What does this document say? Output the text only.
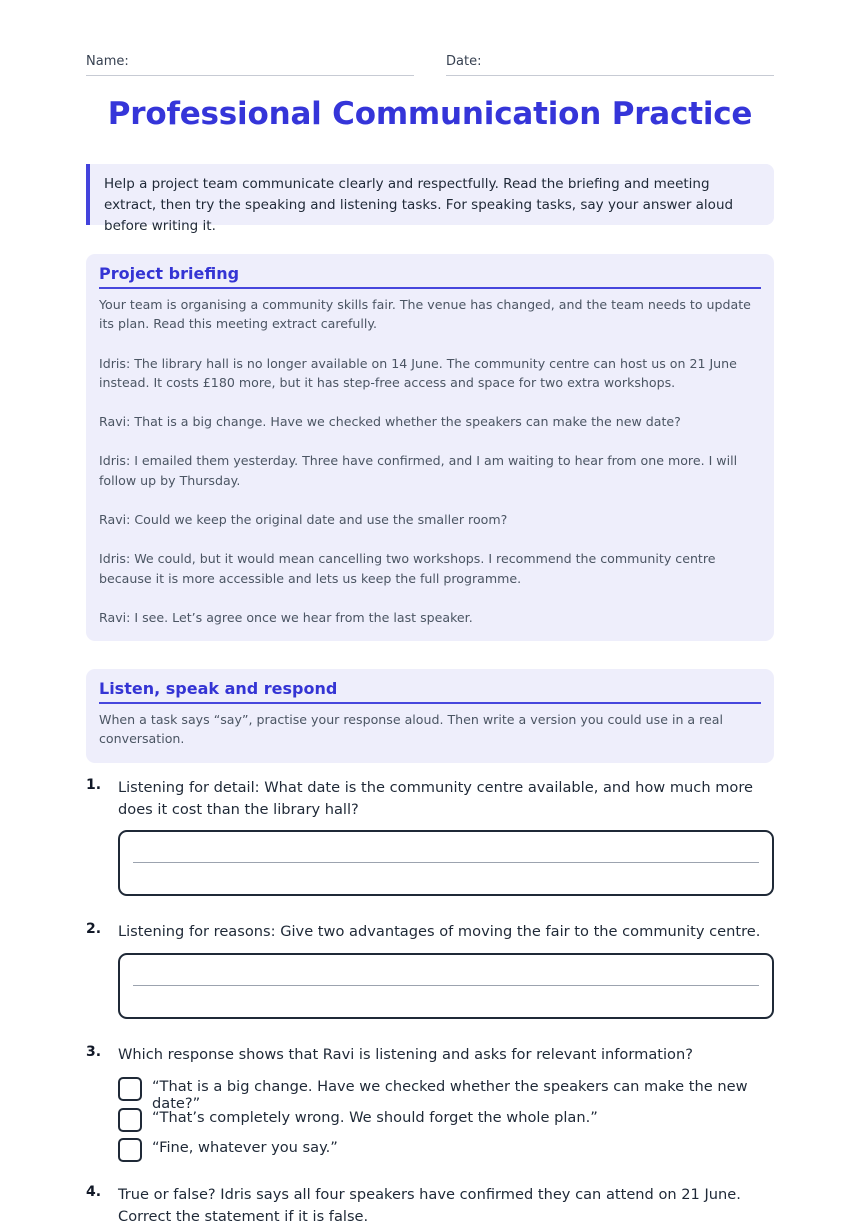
Name:	Date:
Professional Communication Practice
Help a project team communicate clearly and respectfully. Read the briefing and meeting extract, then try the speaking and listening tasks. For speaking tasks, say your answer aloud before writing it.
Project briefing

Your team is organising a community skills fair. The venue has changed, and the team needs to update its plan. Read this meeting extract carefully.

Idris: The library hall is no longer available on 14 June. The community centre can host us on 21 June instead. It costs £180 more, but it has step-free access and space for two extra workshops.

Ravi: That is a big change. Have we checked whether the speakers can make the new date?

Idris: I emailed them yesterday. Three have confirmed, and I am waiting to hear from one more. I will follow up by Thursday.

Ravi: Could we keep the original date and use the smaller room?

Idris: We could, but it would mean cancelling two workshops. I recommend the community centre because it is more accessible and lets us keep the full programme.

Ravi: I see. Let’s agree once we hear from the last speaker.

Listen, speak and respond
When a task says “say”, practise your response aloud. Then write a version you could use in a real conversation.
1. Listening for detail: What date is the community centre available, and how much more does it cost than the library hall?
2. Listening for reasons: Give two advantages of moving the fair to the community centre.
3. Which response shows that Ravi is listening and asks for relevant information?
“That is a big change. Have we checked whether the speakers can make the new date?”
“That’s completely wrong. We should forget the whole plan.”
“Fine, whatever you say.”
4. True or false? Idris says all four speakers have confirmed they can attend on 21 June. Correct the statement if it is false.
